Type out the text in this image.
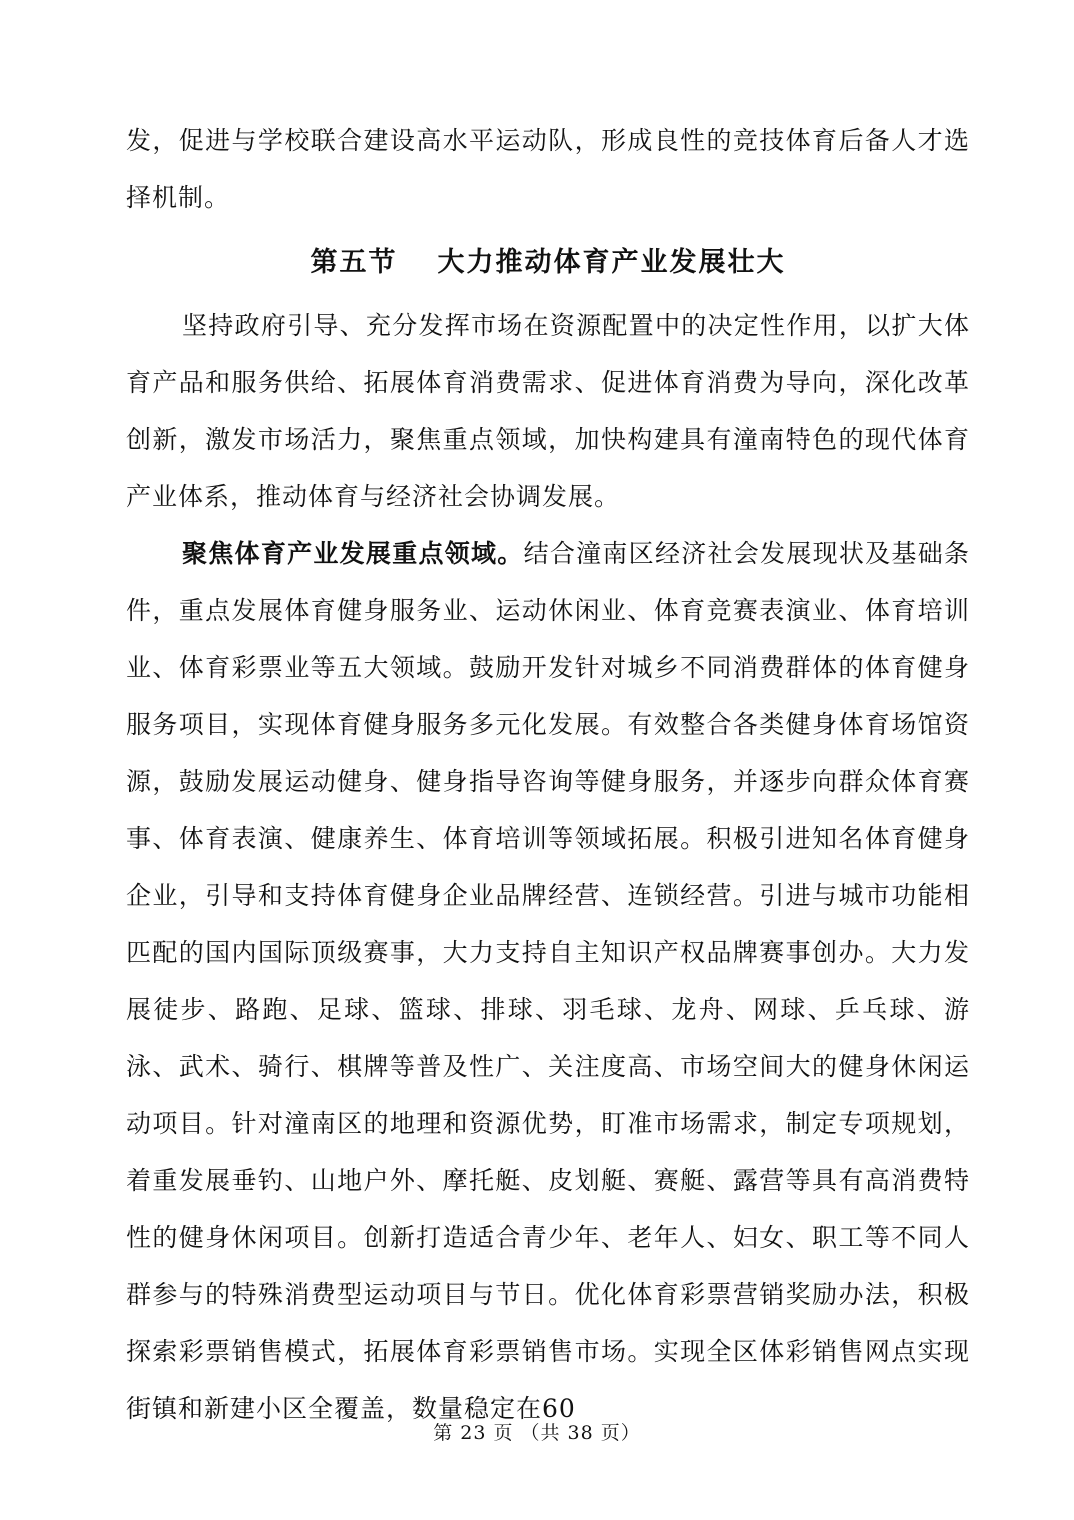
发，促进与学校联合建设高水平运动队，形成良性的竞技体育后备人才选择机制。

第五节 大力推动体育产业发展壮大

坚持政府引导、充分发挥市场在资源配置中的决定性作用，以扩大体育产品和服务供给、拓展体育消费需求、促进体育消费为导向，深化改革创新，激发市场活力，聚焦重点领域，加快构建具有潼南特色的现代体育产业体系，推动体育与经济社会协调发展。

聚焦体育产业发展重点领域。结合潼南区经济社会发展现状及基础条件，重点发展体育健身服务业、运动休闲业、体育竞赛表演业、体育培训业、体育彩票业等五大领域。鼓励开发针对城乡不同消费群体的体育健身服务项目，实现体育健身服务多元化发展。有效整合各类健身体育场馆资源，鼓励发展运动健身、健身指导咨询等健身服务，并逐步向群众体育赛事、体育表演、健康养生、体育培训等领域拓展。积极引进知名体育健身企业，引导和支持体育健身企业品牌经营、连锁经营。引进与城市功能相匹配的国内国际顶级赛事，大力支持自主知识产权品牌赛事创办。大力发展徒步、路跑、足球、篮球、排球、羽毛球、龙舟、网球、乒乓球、游泳、武术、骑行、棋牌等普及性广、关注度高、市场空间大的健身休闲运动项目。针对潼南区的地理和资源优势，盯准市场需求，制定专项规划，着重发展垂钓、山地户外、摩托艇、皮划艇、赛艇、露营等具有高消费特性的健身休闲项目。创新打造适合青少年、老年人、妇女、职工等不同人群参与的特殊消费型运动项目与节日。优化体育彩票营销奖励办法，积极探索彩票销售模式，拓展体育彩票销售市场。实现全区体彩销售网点实现街镇和新建小区全覆盖，数量稳定在60

第 23 页 （共 38 页）
